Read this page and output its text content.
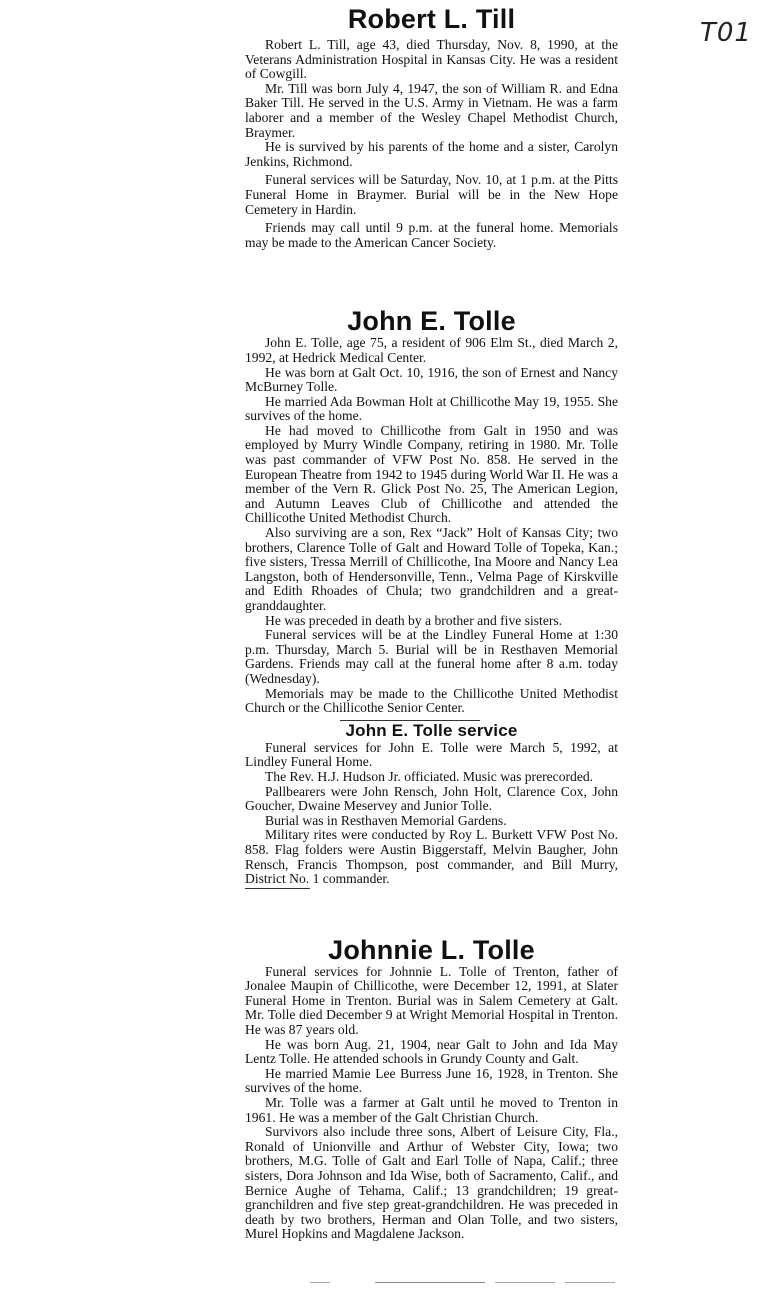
T01
Robert L. Till

Robert L. Till, age 43, died Thursday, Nov. 8, 1990, at the Veterans Administration Hospital in Kansas City. He was a resident of Cowgill.

Mr. Till was born July 4, 1947, the son of William R. and Edna Baker Till. He served in the U.S. Army in Vietnam. He was a farm laborer and a member of the Wesley Chapel Methodist Church, Braymer.

He is survived by his parents of the home and a sister, Carolyn Jenkins, Richmond.

Funeral services will be Saturday, Nov. 10, at 1 p.m. at the Pitts Funeral Home in Braymer. Burial will be in the New Hope Cemetery in Hardin.

Friends may call until 9 p.m. at the funeral home. Memorials may be made to the American Cancer Society.

John E. Tolle

John E. Tolle, age 75, a resident of 906 Elm St., died March 2, 1992, at Hedrick Medical Center.

He was born at Galt Oct. 10, 1916, the son of Ernest and Nancy McBurney Tolle.

He married Ada Bowman Holt at Chillicothe May 19, 1955. She survives of the home.

He had moved to Chillicothe from Galt in 1950 and was employed by Murry Windle Company, retiring in 1980. Mr. Tolle was past commander of VFW Post No. 858. He served in the European Theatre from 1942 to 1945 during World War II. He was a member of the Vern R. Glick Post No. 25, The American Legion, and Autumn Leaves Club of Chillicothe and attended the Chillicothe United Methodist Church.

Also surviving are a son, Rex “Jack” Holt of Kansas City; two brothers, Clarence Tolle of Galt and Howard Tolle of Topeka, Kan.; five sisters, Tressa Merrill of Chillicothe, Ina Moore and Nancy Lea Langston, both of Hendersonville, Tenn., Velma Page of Kirskville and Edith Rhoades of Chula; two grandchildren and a great-granddaughter.

He was preceded in death by a brother and five sisters.

Funeral services will be at the Lindley Funeral Home at 1:30 p.m. Thursday, March 5. Burial will be in Resthaven Memorial Gardens. Friends may call at the funeral home after 8 a.m. today (Wednesday).

Memorials may be made to the Chillicothe United Methodist Church or the Chillicothe Senior Center.

John E. Tolle service

Funeral services for John E. Tolle were March 5, 1992, at Lindley Funeral Home.

The Rev. H.J. Hudson Jr. officiated. Music was prerecorded.

Pallbearers were John Rensch, John Holt, Clarence Cox, John Goucher, Dwaine Meservey and Junior Tolle.

Burial was in Resthaven Memorial Gardens.

Military rites were conducted by Roy L. Burkett VFW Post No. 858. Flag folders were Austin Biggerstaff, Melvin Baugher, John Rensch, Francis Thompson, post commander, and Bill Murry, District No. 1 commander.

Johnnie L. Tolle

Funeral services for Johnnie L. Tolle of Trenton, father of Jonalee Maupin of Chillicothe, were December 12, 1991, at Slater Funeral Home in Trenton. Burial was in Salem Cemetery at Galt. Mr. Tolle died December 9 at Wright Memorial Hospital in Trenton. He was 87 years old.

He was born Aug. 21, 1904, near Galt to John and Ida May Lentz Tolle. He attended schools in Grundy County and Galt.

He married Mamie Lee Burress June 16, 1928, in Trenton. She survives of the home.

Mr. Tolle was a farmer at Galt until he moved to Trenton in 1961. He was a member of the Galt Christian Church.

Survivors also include three sons, Albert of Leisure City, Fla., Ronald of Unionville and Arthur of Webster City, Iowa; two brothers, M.G. Tolle of Galt and Earl Tolle of Napa, Calif.; three sisters, Dora Johnson and Ida Wise, both of Sacramento, Calif., and Bernice Aughe of Tehama, Calif.; 13 grandchildren; 19 great-granchildren and five step great-grandchildren. He was preceded in death by two brothers, Herman and Olan Tolle, and two sisters, Murel Hopkins and Magdalene Jackson.
